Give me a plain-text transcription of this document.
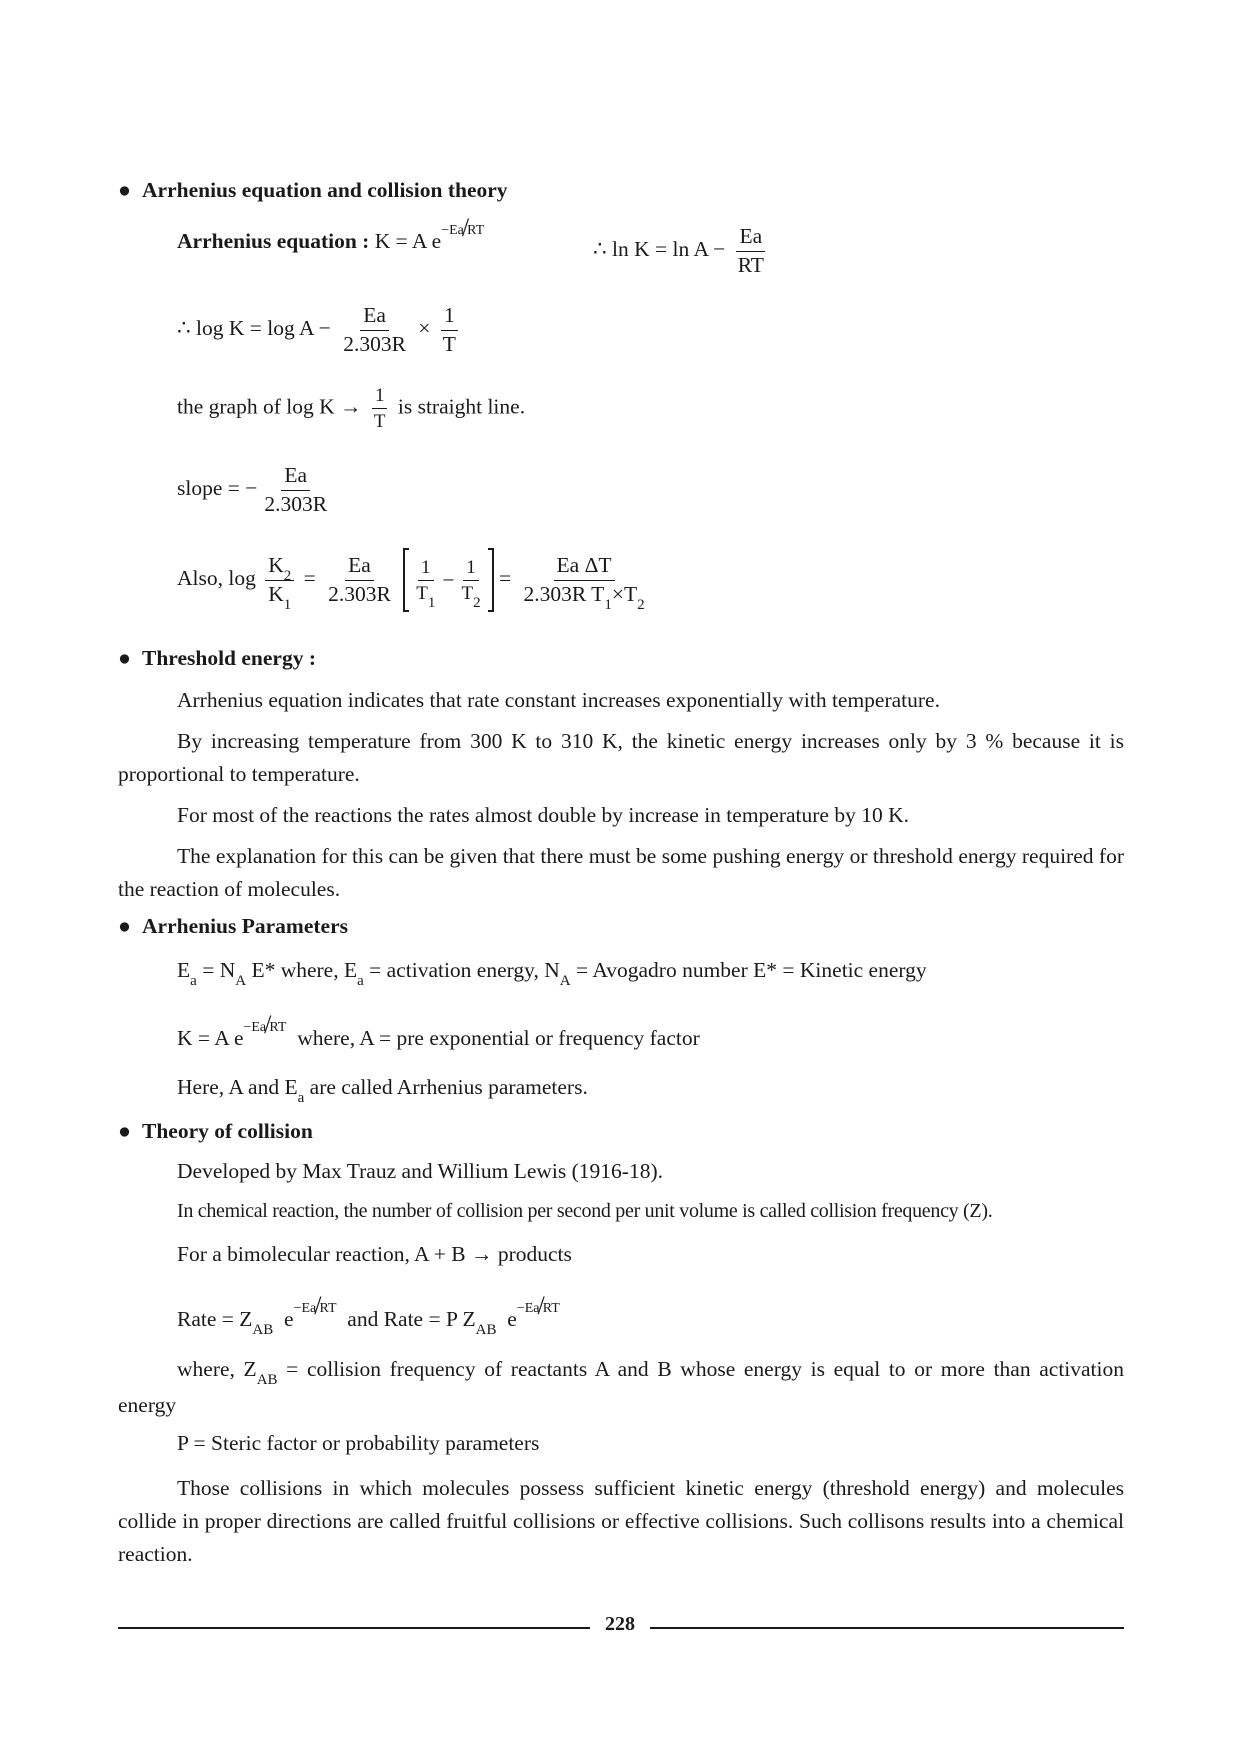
● Arrhenius equation and collision theory
Arrhenius equation : K = A $e^{-Ea/RT}$
∴ $\ln K = \ln A - \frac{Ea}{RT}$
∴ $\log K = \log A - \frac{Ea}{2.303R} \times \frac{1}{T}$
the graph of $\log K \to \frac{1}{T}$ is straight line.
slope = − $\frac{Ea}{2.303R}$
Also, $\log \frac{K_2}{K_1} = \frac{Ea}{2.303R}$
$\frac{1}{T_1} - \frac{1}{T_2} = \frac{\text{Ea ΔT}}{2.303R T_1\times T_2}$
● Threshold energy :
Arrhenius equation indicates that rate constant increases exponentially with temperature.
By increasing temperature from 300 K to 310 K, the kinetic energy increases only by 3 % because it is proportional to temperature.
For most of the reactions the rates almost double by increase in temperature by 10 K.
The explanation for this can be given that there must be some pushing energy or threshold energy required for the reaction of molecules.
● Arrhenius Parameters
$E_a = N_A$ E* where, $E_a$ = activation energy, $N_A$ = Avogadro number E* = Kinetic energy
K = A $e^{-Ea/RT}$ where, A = pre exponential or frequency factor
Here, A and $E_a$ are called Arrhenius parameters.
● Theory of collision
Developed by Max Trauz and Willium Lewis (1916-18).
In chemical reaction, the number of collision per second per unit volume is called collision frequency (Z).
For a bimolecular reaction, A + B → products
Rate = $Z_{AB}$ $e^{-Ea/RT}$ and Rate = P $Z_{AB}$ $e^{-Ea/RT}$
where, $Z_{AB}$ = collision frequency of reactants A and B whose energy is equal to or more than activation energy
P = Steric factor or probability parameters
Those collisions in which molecules possess sufficient kinetic energy (threshold energy) and molecules collide in proper directions are called fruitful collisions or effective collisions. Such collisons results into a chemical reaction.
228
